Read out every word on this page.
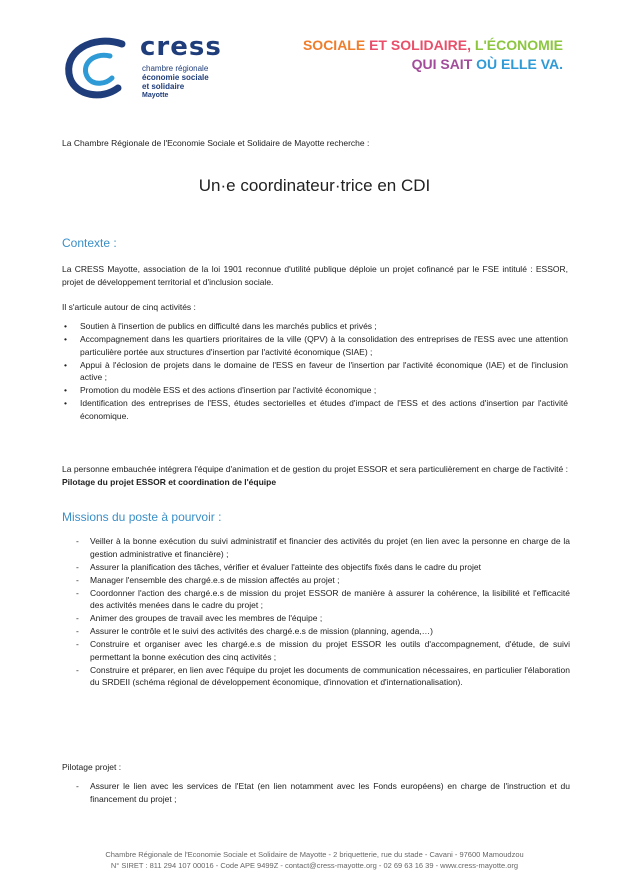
cress
chambre régionale
économie sociale
et solidaire
Mayotte
SOCIALE ET SOLIDAIRE, L'ÉCONOMIE
QUI SAIT OÙ ELLE VA.
La Chambre Régionale de l'Economie Sociale et Solidaire de Mayotte recherche :
Un·e coordinateur·trice en CDI
Contexte :
La CRESS Mayotte, association de la loi 1901 reconnue d'utilité publique déploie un projet cofinancé par le FSE intitulé : ESSOR, projet de développement territorial et d'inclusion sociale.
Il s'articule autour de cinq activités :
• Soutien à l'insertion de publics en difficulté dans les marchés publics et privés ;
• Accompagnement dans les quartiers prioritaires de la ville (QPV) à la consolidation des entreprises de l'ESS avec une attention particulière portée aux structures d'insertion par l'activité économique (SIAE) ;
• Appui à l'éclosion de projets dans le domaine de l'ESS en faveur de l'insertion par l'activité économique (IAE) et de l'inclusion active ;
• Promotion du modèle ESS et des actions d'insertion par l'activité économique ;
• Identification des entreprises de l'ESS, études sectorielles et études d'impact de l'ESS et des actions d'insertion par l'activité économique.
La personne embauchée intégrera l'équipe d'animation et de gestion du projet ESSOR et sera particulièrement en charge de l'activité : Pilotage du projet ESSOR et coordination de l'équipe
Missions du poste à pourvoir :
- Veiller à la bonne exécution du suivi administratif et financier des activités du projet (en lien avec la personne en charge de la gestion administrative et financière) ;
- Assurer la planification des tâches, vérifier et évaluer l'atteinte des objectifs fixés dans le cadre du projet
- Manager l'ensemble des chargé.e.s de mission affectés au projet ;
- Coordonner l'action des chargé.e.s de mission du projet ESSOR de manière à assurer la cohérence, la lisibilité et l'efficacité des activités menées dans le cadre du projet ;
- Animer des groupes de travail avec les membres de l'équipe ;
- Assurer le contrôle et le suivi des activités des chargé.e.s de mission (planning, agenda,…)
- Construire et organiser avec les chargé.e.s de mission du projet ESSOR les outils d'accompagnement, d'étude, de suivi permettant la bonne exécution des cinq activités ;
- Construire et préparer, en lien avec l'équipe du projet les documents de communication nécessaires, en particulier l'élaboration du SRDEII (schéma régional de développement économique, d'innovation et d'internationalisation).
Pilotage projet :
- Assurer le lien avec les services de l'Etat (en lien notamment avec les Fonds européens) en charge de l'instruction et du financement du projet ;
Chambre Régionale de l'Economie Sociale et Solidaire de Mayotte - 2 briquetterie, rue du stade - Cavani - 97600 Mamoudzou
N° SIRET : 811 294 107 00016 - Code APE 9499Z - contact@cress-mayotte.org - 02 69 63 16 39 - www.cress-mayotte.org
